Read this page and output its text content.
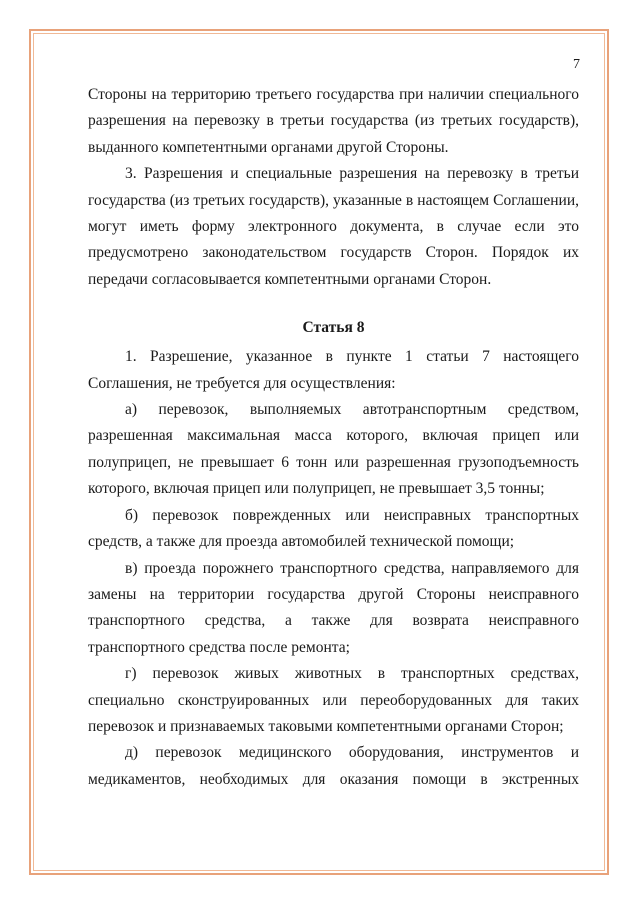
7

Стороны на территорию третьего государства при наличии специального разрешения на перевозку в третьи государства (из третьих государств), выданного компетентными органами другой Стороны.

3. Разрешения и специальные разрешения на перевозку в третьи государства (из третьих государств), указанные в настоящем Соглашении, могут иметь форму электронного документа, в случае если это предусмотрено законодательством государств Сторон. Порядок их передачи согласовывается компетентными органами Сторон.

Статья 8

1. Разрешение, указанное в пункте 1 статьи 7 настоящего Соглашения, не требуется для осуществления:

а) перевозок, выполняемых автотранспортным средством, разрешенная максимальная масса которого, включая прицеп или полуприцеп, не превышает 6 тонн или разрешенная грузоподъемность которого, включая прицеп или полуприцеп, не превышает 3,5 тонны;

б) перевозок поврежденных или неисправных транспортных средств, а также для проезда автомобилей технической помощи;

в) проезда порожнего транспортного средства, направляемого для замены на территории государства другой Стороны неисправного транспортного средства, а также для возврата неисправного транспортного средства после ремонта;

г) перевозок живых животных в транспортных средствах, специально сконструированных или переоборудованных для таких перевозок и признаваемых таковыми компетентными органами Сторон;

д) перевозок медицинского оборудования, инструментов и медикаментов, необходимых для оказания помощи в экстренных
